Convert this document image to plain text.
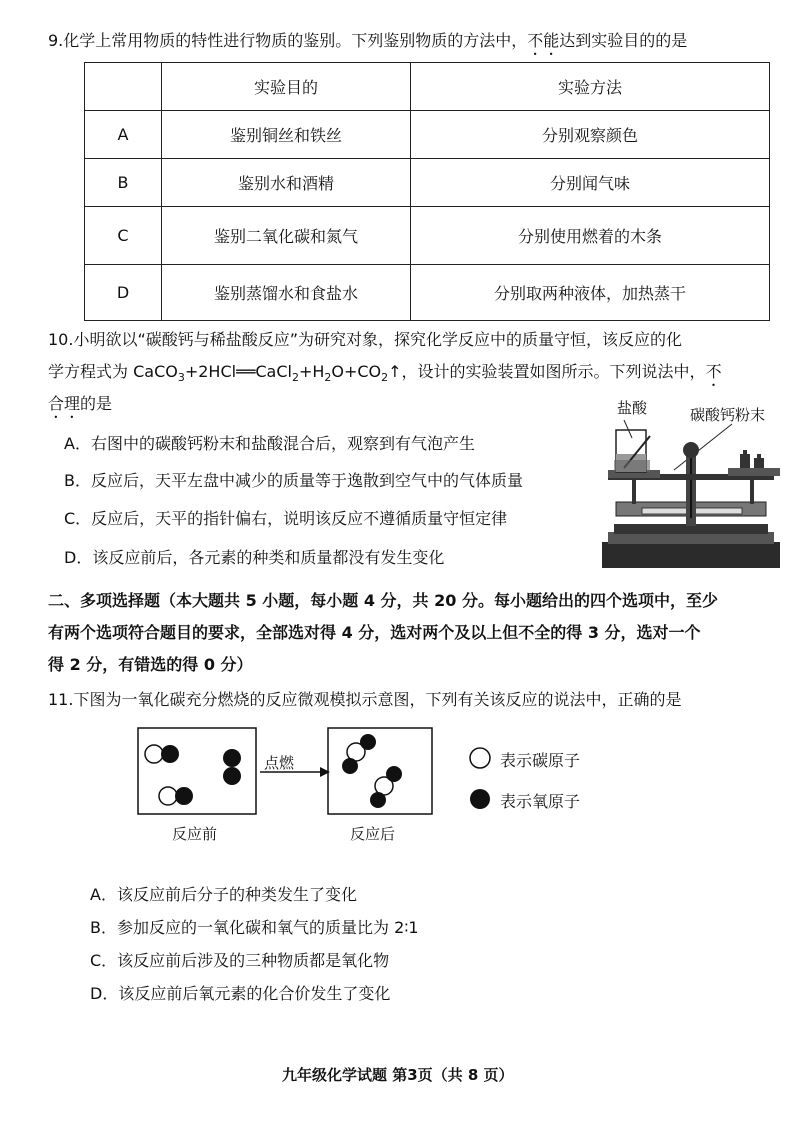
9.化学上常用物质的特性进行物质的鉴别。下列鉴别物质的方法中，不能达到实验目的的是
	实验目的	实验方法
A	鉴别铜丝和铁丝	分别观察颜色
B	鉴别水和酒精	分别闻气味
C	鉴别二氧化碳和氮气	分别使用燃着的木条
D	鉴别蒸馏水和食盐水	分别取两种液体，加热蒸干
10.小明欲以“碳酸钙与稀盐酸反应”为研究对象，探究化学反应中的质量守恒，该反应的化
学方程式为 $CaCO_3+2HCl══CaCl_2+H_2O+CO_2↑$，设计的实验装置如图所示。下列说法中，不
合理的是
A．右图中的碳酸钙粉末和盐酸混合后，观察到有气泡产生
B．反应后，天平左盘中减少的质量等于逸散到空气中的气体质量
C．反应后，天平的指针偏右，说明该反应不遵循质量守恒定律
D．该反应前后，各元素的种类和质量都没有发生变化
盐酸	碳酸钙粉末
二、多项选择题（本大题共 5 小题，每小题 4 分，共 20 分。每小题给出的四个选项中，至少
有两个选项符合题目的要求，全部选对得 4 分，选对两个及以上但不全的得 3 分，选对一个
得 2 分，有错选的得 0 分）
11.下图为一氧化碳充分燃烧的反应微观模拟示意图，下列有关该反应的说法中，正确的是
点燃
反应前	反应后
表示碳原子
表示氧原子
A．该反应前后分子的种类发生了变化
B．参加反应的一氧化碳和氧气的质量比为 2∶1
C．该反应前后涉及的三种物质都是氧化物
D．该反应前后氧元素的化合价发生了变化
九年级化学试题 第3页（共 8 页）
